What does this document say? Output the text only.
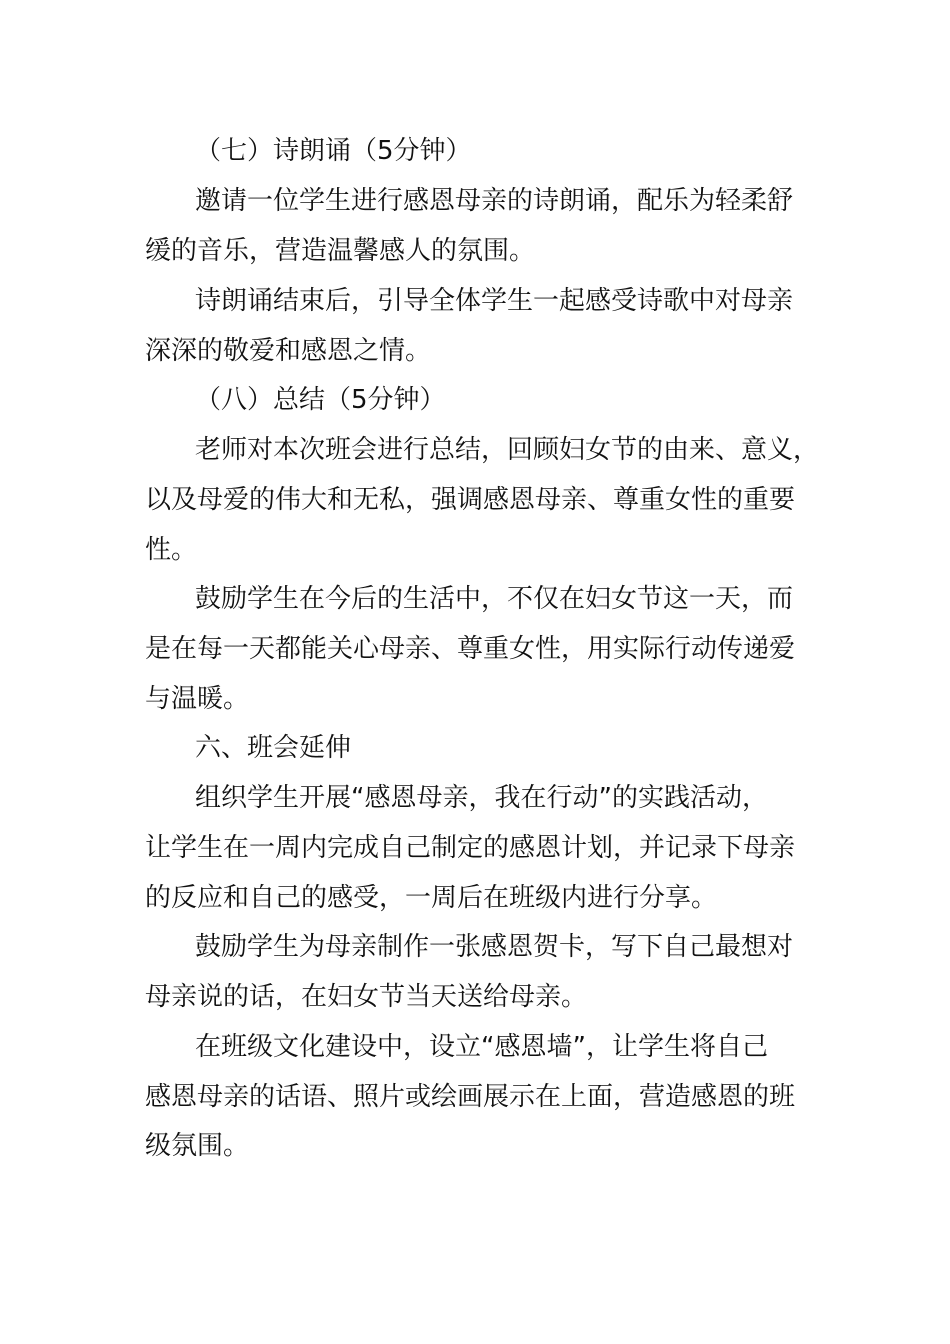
（七）诗朗诵（5分钟）
邀请一位学生进行感恩母亲的诗朗诵，配乐为轻柔舒
缓的音乐，营造温馨感人的氛围。
诗朗诵结束后，引导全体学生一起感受诗歌中对母亲
深深的敬爱和感恩之情。
（八）总结（5分钟）
老师对本次班会进行总结，回顾妇女节的由来、意义，
以及母爱的伟大和无私，强调感恩母亲、尊重女性的重要
性。
鼓励学生在今后的生活中，不仅在妇女节这一天，而
是在每一天都能关心母亲、尊重女性，用实际行动传递爱
与温暖。
六、班会延伸
组织学生开展“感恩母亲，我在行动”的实践活动，
让学生在一周内完成自己制定的感恩计划，并记录下母亲
的反应和自己的感受，一周后在班级内进行分享。
鼓励学生为母亲制作一张感恩贺卡，写下自己最想对
母亲说的话，在妇女节当天送给母亲。
在班级文化建设中，设立“感恩墙”，让学生将自己
感恩母亲的话语、照片或绘画展示在上面，营造感恩的班
级氛围。
